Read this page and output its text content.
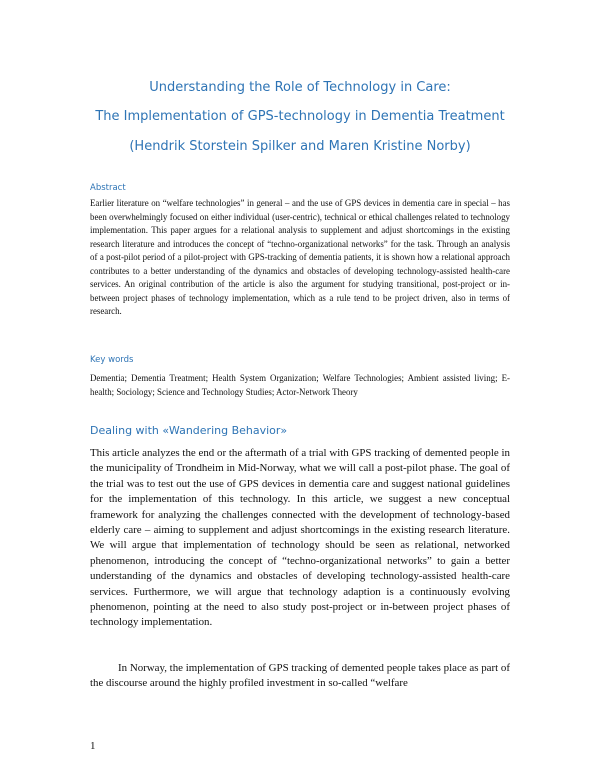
Understanding the Role of Technology in Care:
The Implementation of GPS-technology in Dementia Treatment
(Hendrik Storstein Spilker and Maren Kristine Norby)
Abstract

Earlier literature on “welfare technologies” in general – and the use of GPS devices in dementia care in special – has been overwhelmingly focused on either individual (user-centric), technical or ethical challenges related to technology implementation. This paper argues for a relational analysis to supplement and adjust shortcomings in the existing research literature and introduces the concept of “techno-organizational networks” for the task. Through an analysis of a post-pilot period of a pilot-project with GPS-tracking of dementia patients, it is shown how a relational approach contributes to a better understanding of the dynamics and obstacles of developing technology-assisted health-care services. An original contribution of the article is also the argument for studying transitional, post-project or in-between project phases of technology implementation, which as a rule tend to be project driven, also in terms of research.

Key words

Dementia; Dementia Treatment; Health System Organization; Welfare Technologies; Ambient assisted living; E-health; Sociology; Science and Technology Studies; Actor-Network Theory

Dealing with «Wandering Behavior»

This article analyzes the end or the aftermath of a trial with GPS tracking of demented people in the municipality of Trondheim in Mid-Norway, what we will call a post-pilot phase. The goal of the trial was to test out the use of GPS devices in dementia care and suggest national guidelines for the implementation of this technology. In this article, we suggest a new conceptual framework for analyzing the challenges connected with the development of technology-based elderly care – aiming to supplement and adjust shortcomings in the existing research literature. We will argue that implementation of technology should be seen as relational, networked phenomenon, introducing the concept of “techno-organizational networks” to gain a better understanding of the dynamics and obstacles of developing technology-assisted health-care services. Furthermore, we will argue that technology adaption is a continuously evolving phenomenon, pointing at the need to also study post-project or in-between project phases of technology implementation.

In Norway, the implementation of GPS tracking of demented people takes place as part of the discourse around the highly profiled investment in so-called “welfare

1
